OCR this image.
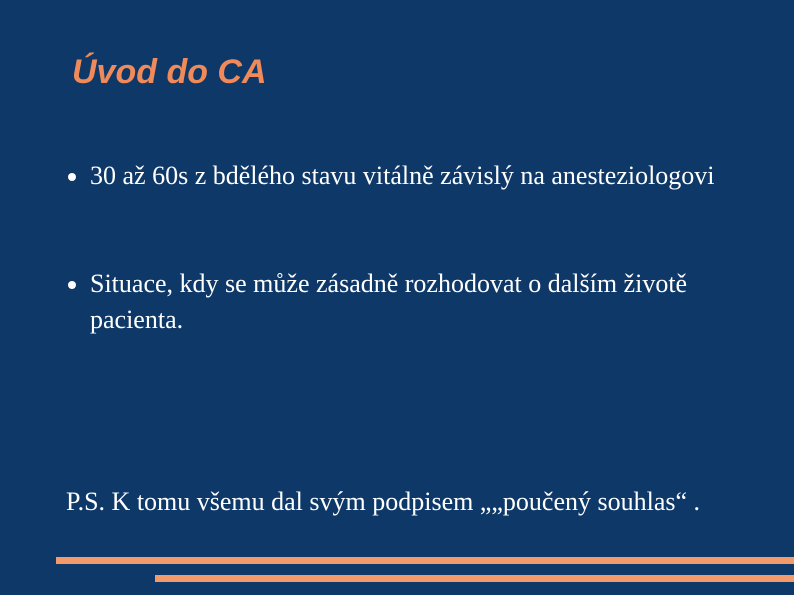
Úvod do CA
30 až 60s z bdělého stavu vitálně závislý na anesteziologovi
Situace, kdy se může zásadně rozhodovat o dalším životě pacienta.
P.S. K tomu všemu dal svým podpisem „„poučený souhlas“ .
